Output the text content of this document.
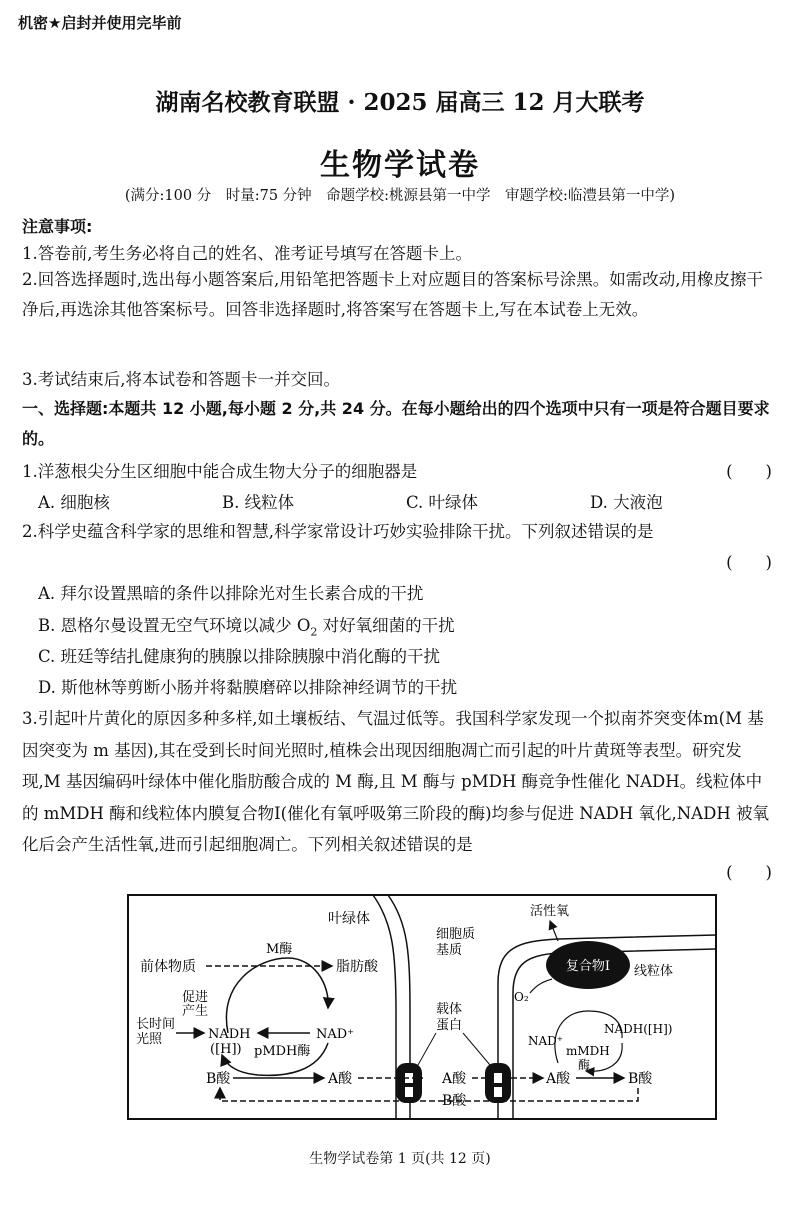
机密★启封并使用完毕前
湖南名校教育联盟 · 2025 届高三 12 月大联考
生物学试卷
(满分:100 分　时量:75 分钟　命题学校:桃源县第一中学　审题学校:临澧县第一中学)
注意事项:
1.答卷前,考生务必将自己的姓名、准考证号填写在答题卡上。
2.回答选择题时,选出每小题答案后,用铅笔把答题卡上对应题目的答案标号涂黑。如需改动,用橡皮擦干净后,再选涂其他答案标号。回答非选择题时,将答案写在答题卡上,写在本试卷上无效。
3.考试结束后,将本试卷和答题卡一并交回。
一、选择题:本题共 12 小题,每小题 2 分,共 24 分。在每小题给出的四个选项中只有一项是符合题目要求的。
1.洋葱根尖分生区细胞中能合成生物大分子的细胞器是	(　　)
A. 细胞核	B. 线粒体	C. 叶绿体	D. 大液泡
2.科学史蕴含科学家的思维和智慧,科学家常设计巧妙实验排除干扰。下列叙述错误的是
(　　)
A. 拜尔设置黑暗的条件以排除光对生长素合成的干扰
B. 恩格尔曼设置无空气环境以减少 $O_2$ 对好氧细菌的干扰
C. 班廷等结扎健康狗的胰腺以排除胰腺中消化酶的干扰
D. 斯他林等剪断小肠并将黏膜磨碎以排除神经调节的干扰
3.引起叶片黄化的原因多种多样,如土壤板结、气温过低等。我国科学家发现一个拟南芥突变体m(M 基因突变为 m 基因),其在受到长时间光照时,植株会出现因细胞凋亡而引起的叶片黄斑等表型。研究发现,M 基因编码叶绿体中催化脂肪酸合成的 M 酶,且 M 酶与 pMDH 酶竞争性催化 NADH。线粒体中的 mMDH 酶和线粒体内膜复合物Ⅰ(催化有氧呼吸第三阶段的酶)均参与促进 NADH 氧化,NADH 被氧化后会产生活性氧,进而引起细胞凋亡。下列相关叙述错误的是
(　　)
复合物Ⅰ
叶绿体
前体物质
M酶
脂肪酸
促进
产生
长时间
光照	NADH
([H])
NAD⁺
pMDH酶
B酸	A酸	A酸	A酸	B酸
B酸
细胞质
基质
载体
蛋白
活性氧
线粒体
O₂
NAD⁺
NADH([H])
mMDH
酶
生物学试卷第 1 页(共 12 页)
